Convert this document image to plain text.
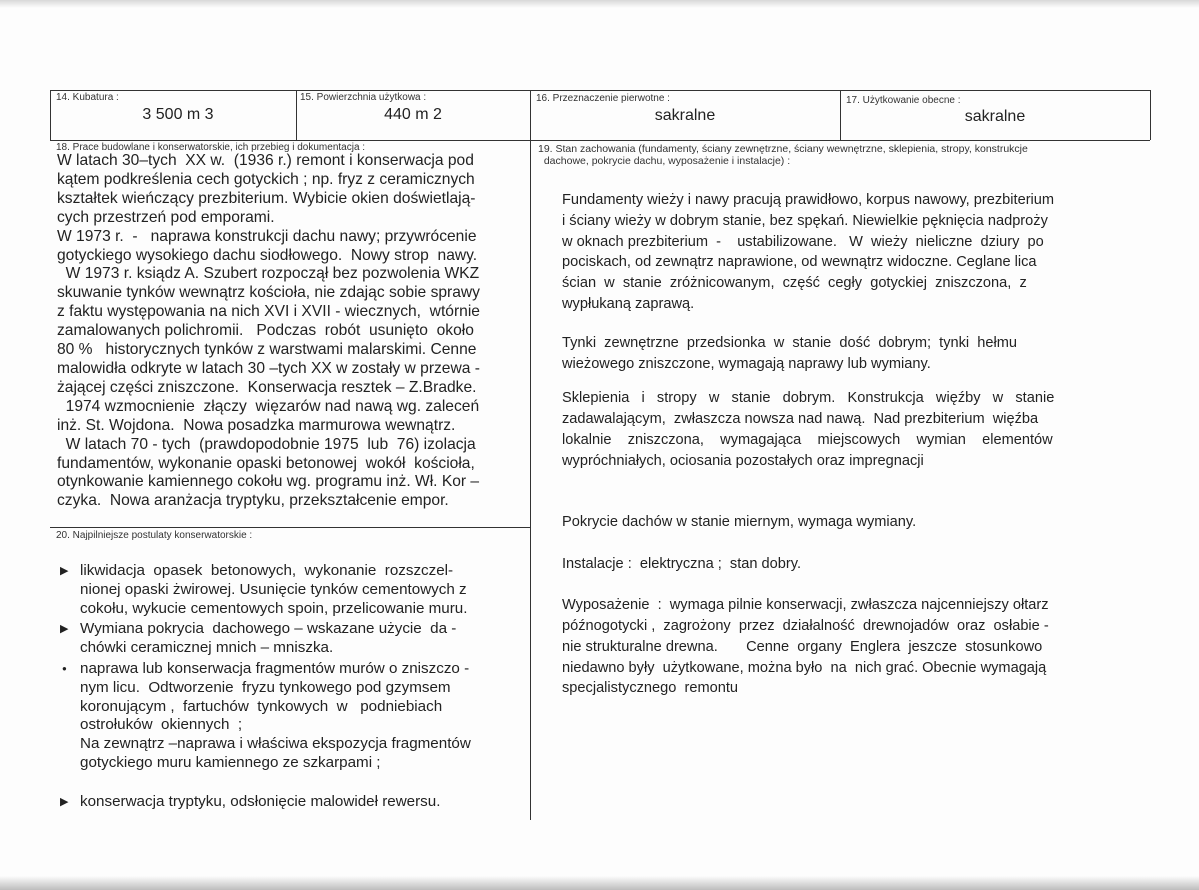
14. Kubatura :
3 500 m 3
15. Powierzchnia użytkowa :
440 m 2
16. Przeznaczenie pierwotne :
sakralne
17. Użytkowanie obecne :
sakralne
18. Prace budowlane i konserwatorskie, ich przebieg i dokumentacja :
W latach 30–tych  XX w.  (1936 r.) remont i konserwacja pod
kątem podkreślenia cech gotyckich ; np. fryz z ceramicznych
kształtek wieńczący prezbiterium. Wybicie okien doświetlają-
cych przestrzeń pod emporami.
W 1973 r.  -   naprawa konstrukcji dachu nawy; przywrócenie
gotyckiego wysokiego dachu siodłowego.  Nowy strop  nawy.
W 1973 r. ksiądz A. Szubert rozpoczął bez pozwolenia WKZ
skuwanie tynków wewnątrz kościoła, nie zdając sobie sprawy
z faktu występowania na nich XVI i XVII - wiecznych,  wtórnie
zamalowanych polichromii.   Podczas  robót  usunięto  około
80 %   historycznych tynków z warstwami malarskimi. Cenne
malowidła odkryte w latach 30 –tych XX w zostały w przewa -
żającej części zniszczone.  Konserwacja resztek – Z.Bradke.
1974 wzmocnienie  złączy  więzarów nad nawą wg. zaleceń
inż. St. Wojdona.  Nowa posadzka marmurowa wewnątrz.
W latach 70 - tych  (prawdopodobnie 1975  lub  76) izolacja
fundamentów, wykonanie opaski betonowej  wokół  kościoła,
otynkowanie kamiennego cokołu wg. programu inż. Wł. Kor –
czyka.  Nowa aranżacja tryptyku, przekształcenie empor.
20. Najpilniejsze postulaty konserwatorskie :
▶ likwidacja  opasek  betonowych,  wykonanie  rozszczel-
nionej opaski żwirowej. Usunięcie tynków cementowych z
cokołu, wykucie cementowych spoin, przelicowanie muru.
▶ Wymiana pokrycia  dachowego – wskazane użycie  da -
chówki ceramicznej mnich – mniszka.
● naprawa lub konserwacja fragmentów murów o zniszczo -
nym licu.  Odtworzenie  fryzu tynkowego pod gzymsem
koronującym ,  fartuchów  tynkowych  w   podniebiach
ostrołuków  okiennych  ;
Na zewnątrz –naprawa i właściwa ekspozycja fragmentów
gotyckiego muru kamiennego ze szkarpami ;
▶ konserwacja tryptyku, odsłonięcie malowideł rewersu.
19. Stan zachowania (fundamenty, ściany zewnętrzne, ściany wewnętrzne, sklepienia, stropy, konstrukcje
dachowe, pokrycie dachu, wyposażenie i instalacje) :
Fundamenty wieży i nawy pracują prawidłowo, korpus nawowy, prezbiterium
i ściany wieży w dobrym stanie, bez spękań. Niewielkie pęknięcia nadproży
w oknach prezbiterium  -    ustabilizowane.   W  wieży  nieliczne  dziury  po
pociskach, od zewnątrz naprawione, od wewnątrz widoczne. Ceglane lica
ścian  w  stanie  zróżnicowanym,  część  cegły  gotyckiej  zniszczona,  z
wypłukaną zaprawą.
Tynki  zewnętrzne  przedsionka  w  stanie  dość  dobrym;  tynki  hełmu
wieżowego zniszczone, wymagają naprawy lub wymiany.
Sklepienia   i   stropy   w   stanie   dobrym.   Konstrukcja   więźby   w   stanie
zadawalającym,  zwłaszcza nowsza nad nawą.  Nad prezbiterium  więźba
lokalnie    zniszczona,    wymagająca    miejscowych    wymian    elementów
wypróchniałych, ociosania pozostałych oraz impregnacji
Pokrycie dachów w stanie miernym, wymaga wymiany.
Instalacje :  elektryczna ;  stan dobry.
Wyposażenie  :  wymaga pilnie konserwacji, zwłaszcza najcenniejszy ołtarz
późnogotycki ,  zagrożony  przez  działalność  drewnojadów  oraz  osłabie -
nie strukturalne drewna.       Cenne  organy  Englera  jeszcze  stosunkowo
niedawno były  użytkowane, można było  na  nich grać. Obecnie wymagają
specjalistycznego  remontu
